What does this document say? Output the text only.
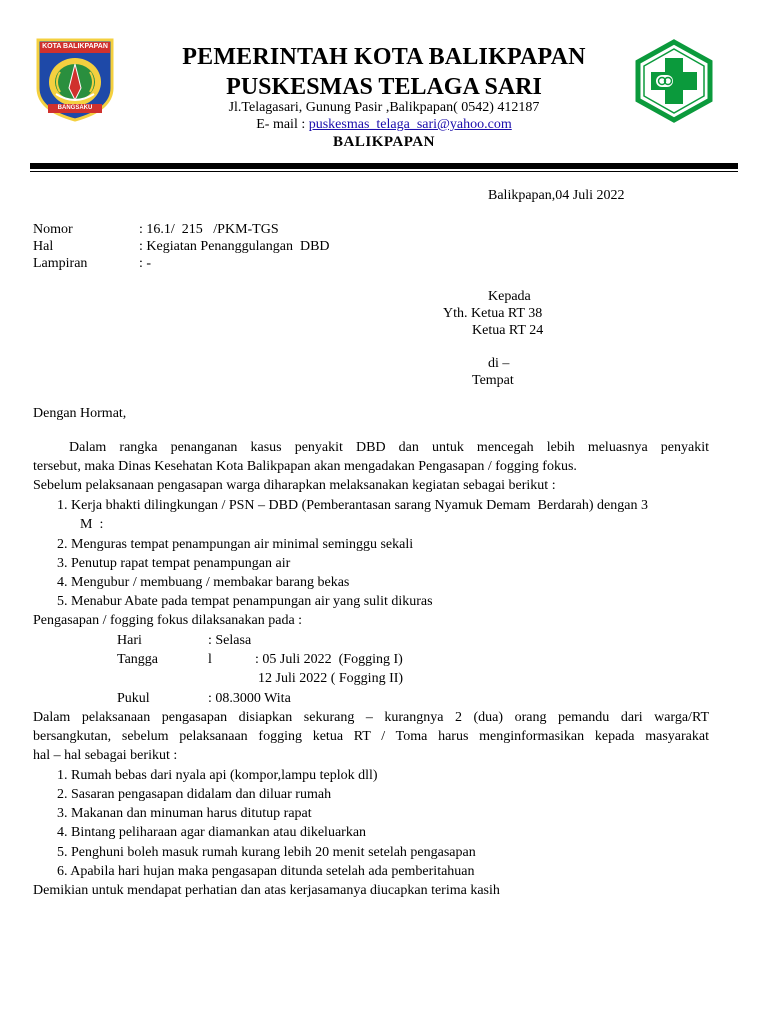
KOTA BALIKPAPAN
BANGSAKU
PEMERINTAH KOTA BALIKPAPAN
PUSKESMAS TELAGA SARI
Jl.Telagasari, Gunung Pasir ,Balikpapan( 0542) 412187
E- mail : puskesmas_telaga_sari@yahoo.com
BALIKPAPAN
Balikpapan,04 Juli 2022
Nomor	: 16.1/  215   /PKM-TGS
Hal	: Kegiatan Penanggulangan  DBD
Lampiran	: -
Kepada
Yth. Ketua RT 38
Ketua RT 24
di –
Tempat
Dengan Hormat,
Dalam rangka penanganan kasus penyakit DBD dan untuk mencegah lebih meluasnya penyakit
tersebut, maka Dinas Kesehatan Kota Balikpapan akan mengadakan Pengasapan / fogging fokus.
Sebelum pelaksanaan pengasapan warga diharapkan melaksanakan kegiatan sebagai berikut :
1. Kerja bhakti dilingkungan / PSN – DBD (Pemberantasan sarang Nyamuk Demam  Berdarah) dengan 3
M  :
2. Menguras tempat penampungan air minimal seminggu sekali
3. Penutup rapat tempat penampungan air
4. Mengubur / membuang / membakar barang bekas
5. Menabur Abate pada tempat penampungan air yang sulit dikuras
Pengasapan / fogging fokus dilaksanakan pada :
Hari	: Selasa
Tangga	l	: 05 Juli 2022  (Fogging I)
12 Juli 2022 ( Fogging II)
Pukul	: 08.3000 Wita
Dalam pelaksanaan pengasapan disiapkan sekurang – kurangnya 2 (dua) orang pemandu dari warga/RT
bersangkutan, sebelum pelaksanaan fogging ketua RT / Toma harus menginformasikan kepada masyarakat
hal – hal sebagai berikut :
1. Rumah bebas dari nyala api (kompor,lampu teplok dll)
2. Sasaran pengasapan didalam dan diluar rumah
3. Makanan dan minuman harus ditutup rapat
4. Bintang peliharaan agar diamankan atau dikeluarkan
5. Penghuni boleh masuk rumah kurang lebih 20 menit setelah pengasapan
6. Apabila hari hujan maka pengasapan ditunda setelah ada pemberitahuan
Demikian untuk mendapat perhatian dan atas kerjasamanya diucapkan terima kasih
